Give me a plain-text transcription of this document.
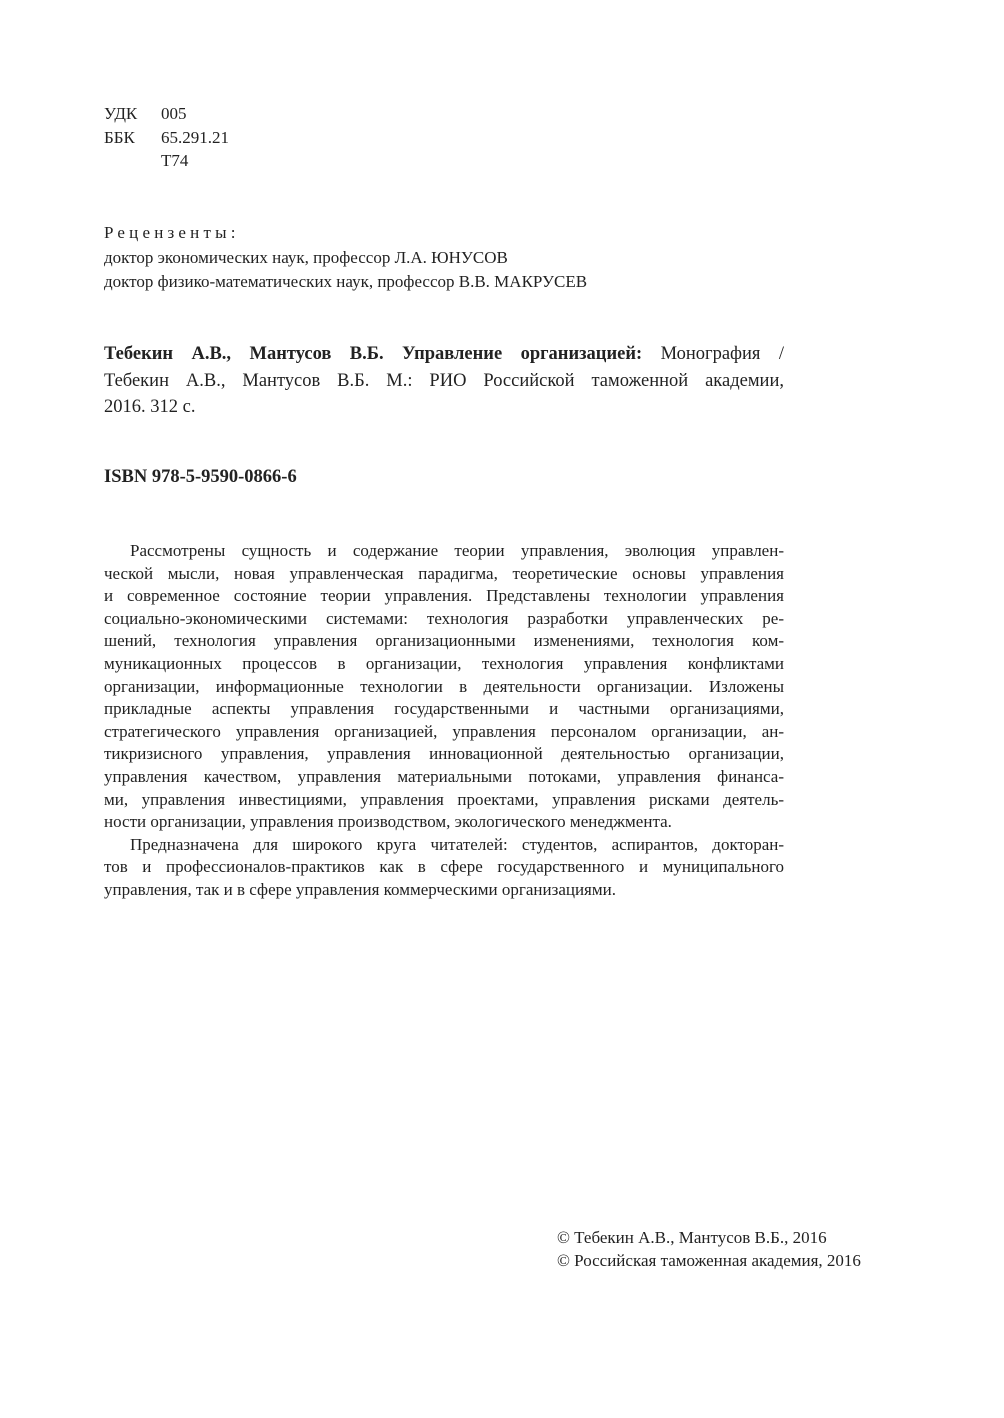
УДК	005
ББК	65.291.21
Т74
Рецензенты:
доктор экономических наук, профессор Л.А. ЮНУСОВ
доктор физико-математических наук, профессор В.В. МАКРУСЕВ
Тебекин А.В., Мантусов В.Б. Управление организацией: Монография /
Тебекин А.В., Мантусов В.Б. М.: РИО Российской таможенной академии,
2016. 312 с.
ISBN 978-5-9590-0866-6
Рассмотрены сущность и содержание теории управления, эволюция управлен-
ческой мысли, новая управленческая парадигма, теоретические основы управления
и современное состояние теории управления. Представлены технологии управления
социально-экономическими системами: технология разработки управленческих ре-
шений, технология управления организационными изменениями, технология ком-
муникационных процессов в организации, технология управления конфликтами
организации, информационные технологии в деятельности организации. Изложены
прикладные аспекты управления государственными и частными организациями,
стратегического управления организацией, управления персоналом организации, ан-
тикризисного управления, управления инновационной деятельностью организации,
управления качеством, управления материальными потоками, управления финанса-
ми, управления инвестициями, управления проектами, управления рисками деятель-
ности организации, управления производством, экологического менеджмента.
Предназначена для широкого круга читателей: студентов, аспирантов, докторан-
тов и профессионалов-практиков как в сфере государственного и муниципального
управления, так и в сфере управления коммерческими организациями.
© Тебекин А.В., Мантусов В.Б., 2016
© Российская таможенная академия, 2016
